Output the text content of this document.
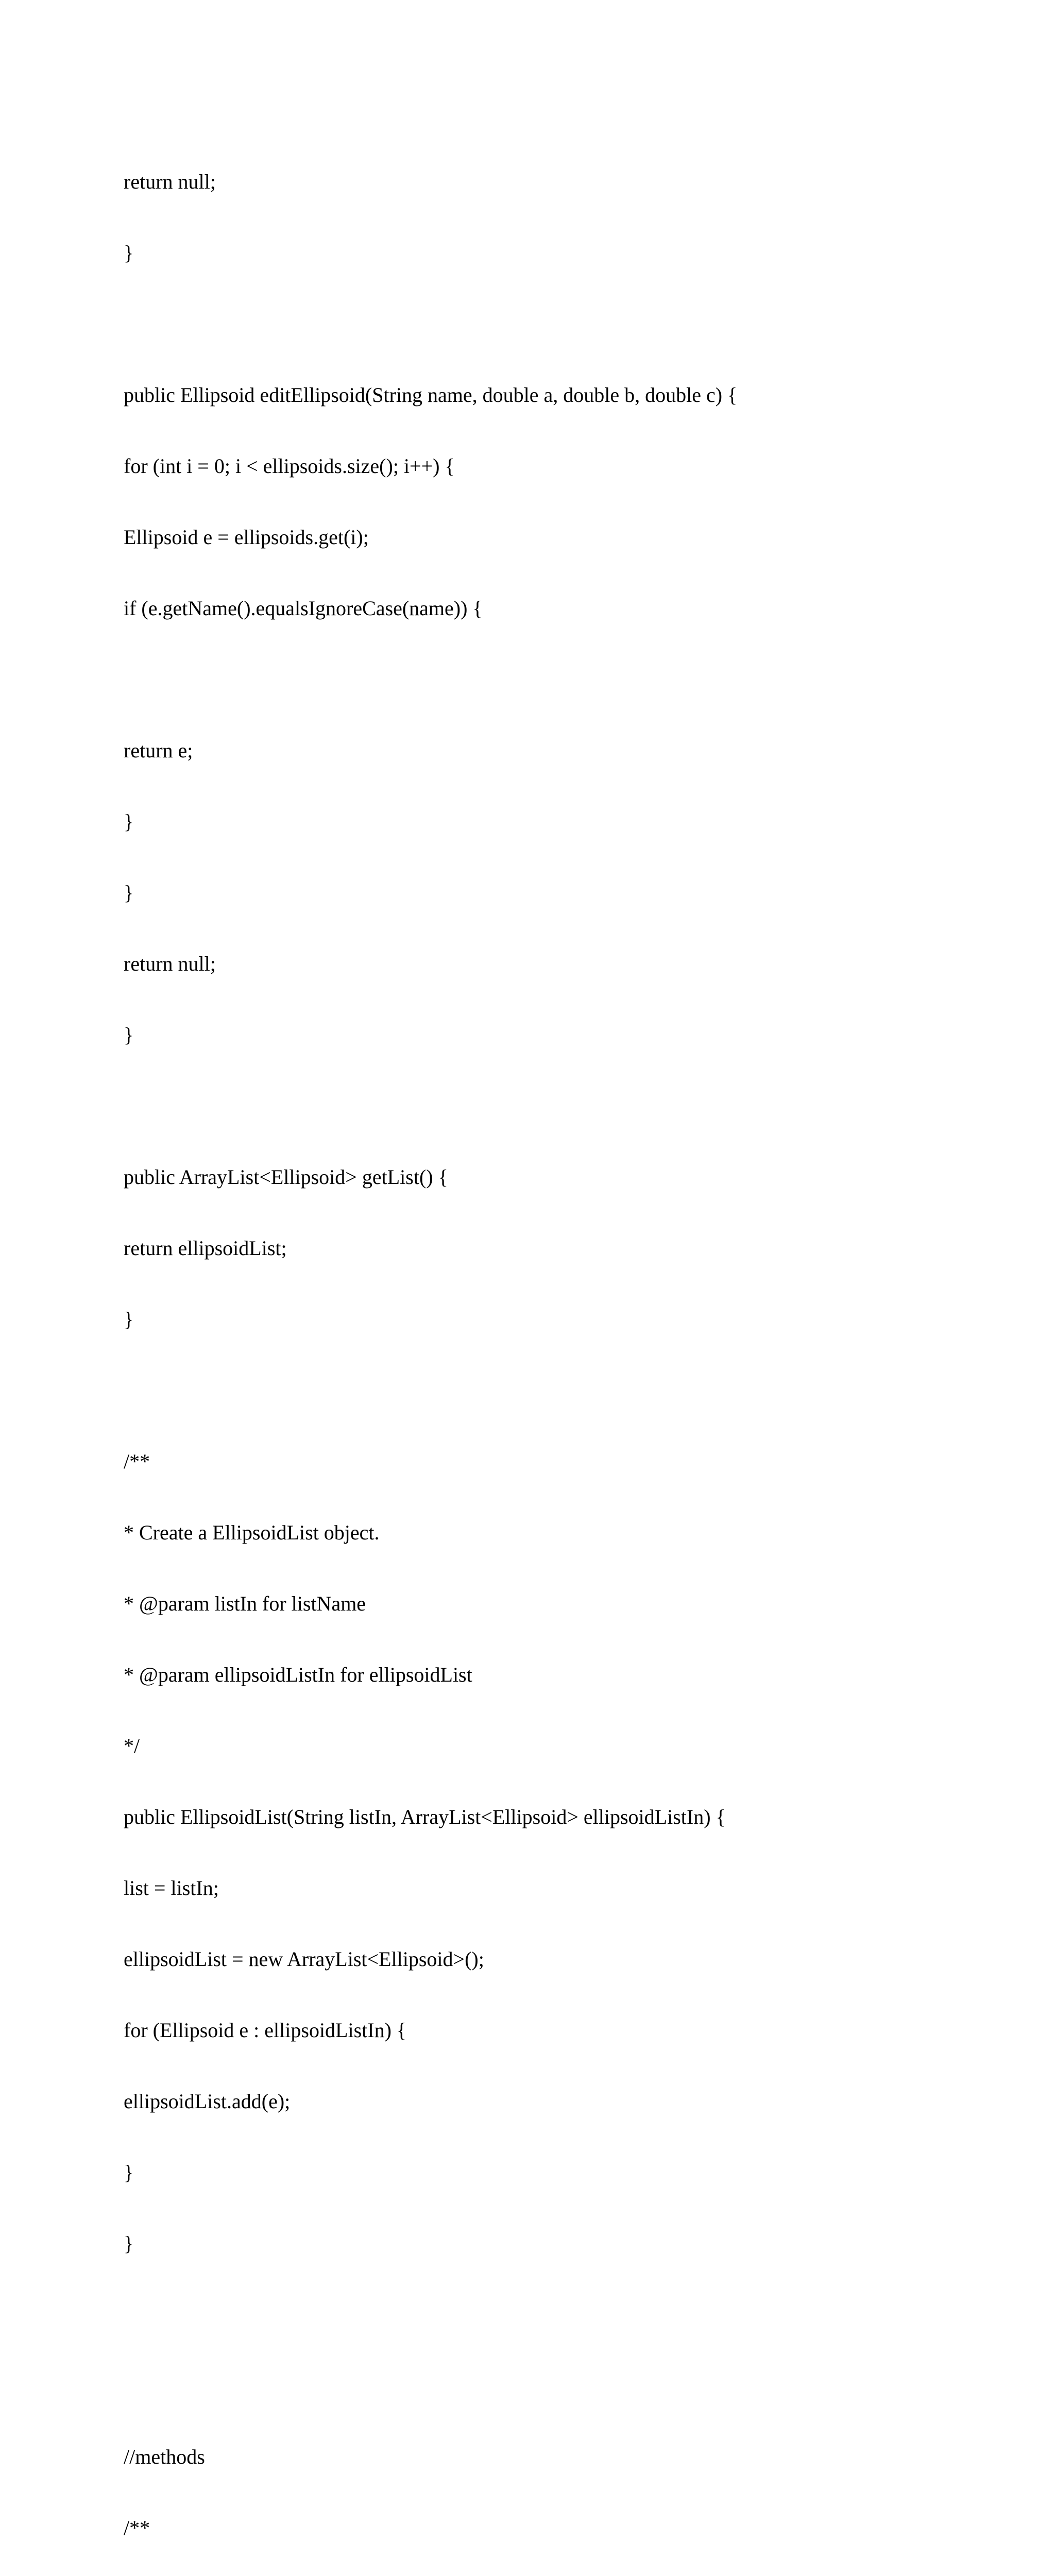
return null;

}

public Ellipsoid editEllipsoid(String name, double a, double b, double c) {

for (int i = 0; i < ellipsoids.size(); i++) {

Ellipsoid e = ellipsoids.get(i);

if (e.getName().equalsIgnoreCase(name)) {

return e;

}

}

return null;

}

public ArrayList<Ellipsoid> getList() {

return ellipsoidList;

}

/**

* Create a EllipsoidList object.

* @param listIn for listName

* @param ellipsoidListIn for ellipsoidList

*/

public EllipsoidList(String listIn, ArrayList<Ellipsoid> ellipsoidListIn) {

list = listIn;

ellipsoidList = new ArrayList<Ellipsoid>();

for (Ellipsoid e : ellipsoidListIn) {

ellipsoidList.add(e);

}

}

//methods

/**
